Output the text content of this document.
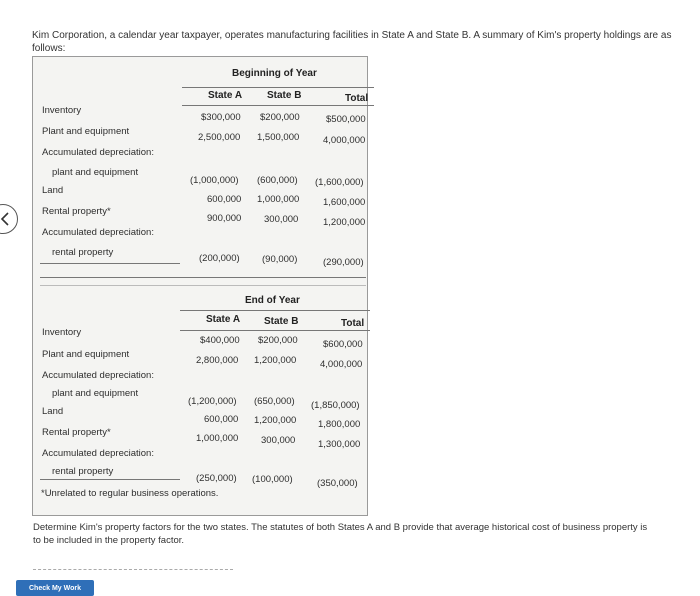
Kim Corporation, a calendar year taxpayer, operates manufacturing facilities in State A and State B. A summary of Kim's property holdings are as follows:
Beginning of Year
State A State B	Total
Inventory
$300,000 $200,000	$500,000
Plant and equipment
2,500,000 1,500,000 4,000,000
Accumulated depreciation:
plant and equipment
(1,000,000) (600,000) (1,600,000)
Land
600,000 1,000,000 1,600,000
Rental property*
900,000 300,000	1,200,000
Accumulated depreciation:
rental property
(200,000) (90,000)	(290,000)
End of Year
State A State B	Total
Inventory
$400,000 $200,000	$600,000
Plant and equipment
2,800,000 1,200,000 4,000,000
Accumulated depreciation:
plant and equipment
(1,200,000) (650,000) (1,850,000)
Land
600,000 1,200,000 1,800,000
Rental property*
1,000,000 300,000 1,300,000
Accumulated depreciation:
rental property
(250,000) (100,000)	(350,000)
*Unrelated to regular business operations.
Determine Kim's property factors for the two states. The statutes of both States A and B provide that average historical cost of business property is to be included in the property factor.
Check My Work
